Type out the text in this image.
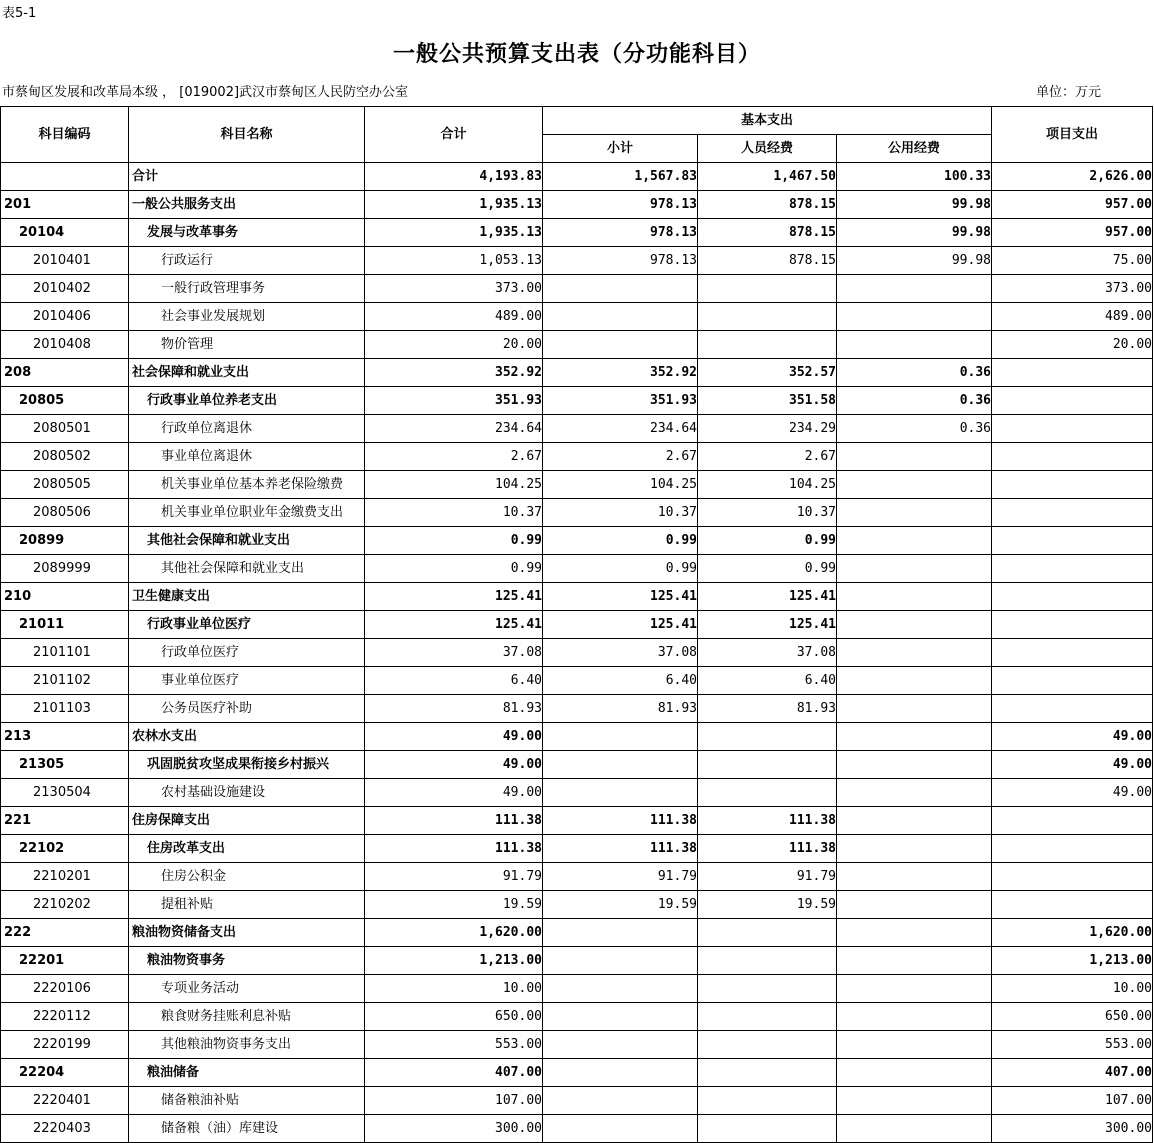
表5-1
一般公共预算支出表（分功能科目）
市蔡甸区发展和改革局本级 ， [019002]武汉市蔡甸区人民防空办公室	单位：万元
科目编码	科目名称	合计	基本支出			项目支出
			小计	人员经费	公用经费	
	合计	4,193.83	1,567.83	1,467.50	100.33	2,626.00
201	一般公共服务支出	1,935.13	978.13	878.15	99.98	957.00
20104	发展与改革事务	1,935.13	978.13	878.15	99.98	957.00
2010401	行政运行	1,053.13	978.13	878.15	99.98	75.00
2010402	一般行政管理事务	373.00				373.00
2010406	社会事业发展规划	489.00				489.00
2010408	物价管理	20.00				20.00
208	社会保障和就业支出	352.92	352.92	352.57	0.36	
20805	行政事业单位养老支出	351.93	351.93	351.58	0.36	
2080501	行政单位离退休	234.64	234.64	234.29	0.36	
2080502	事业单位离退休	2.67	2.67	2.67		
2080505	机关事业单位基本养老保险缴费	104.25	104.25	104.25		
2080506	机关事业单位职业年金缴费支出	10.37	10.37	10.37		
20899	其他社会保障和就业支出	0.99	0.99	0.99		
2089999	其他社会保障和就业支出	0.99	0.99	0.99		
210	卫生健康支出	125.41	125.41	125.41		
21011	行政事业单位医疗	125.41	125.41	125.41		
2101101	行政单位医疗	37.08	37.08	37.08		
2101102	事业单位医疗	6.40	6.40	6.40		
2101103	公务员医疗补助	81.93	81.93	81.93		
213	农林水支出	49.00				49.00
21305	巩固脱贫攻坚成果衔接乡村振兴	49.00				49.00
2130504	农村基础设施建设	49.00				49.00
221	住房保障支出	111.38	111.38	111.38		
22102	住房改革支出	111.38	111.38	111.38		
2210201	住房公积金	91.79	91.79	91.79		
2210202	提租补贴	19.59	19.59	19.59		
222	粮油物资储备支出	1,620.00				1,620.00
22201	粮油物资事务	1,213.00				1,213.00
2220106	专项业务活动	10.00				10.00
2220112	粮食财务挂账利息补贴	650.00				650.00
2220199	其他粮油物资事务支出	553.00				553.00
22204	粮油储备	407.00				407.00
2220401	储备粮油补贴	107.00				107.00
2220403	储备粮（油）库建设	300.00				300.00
